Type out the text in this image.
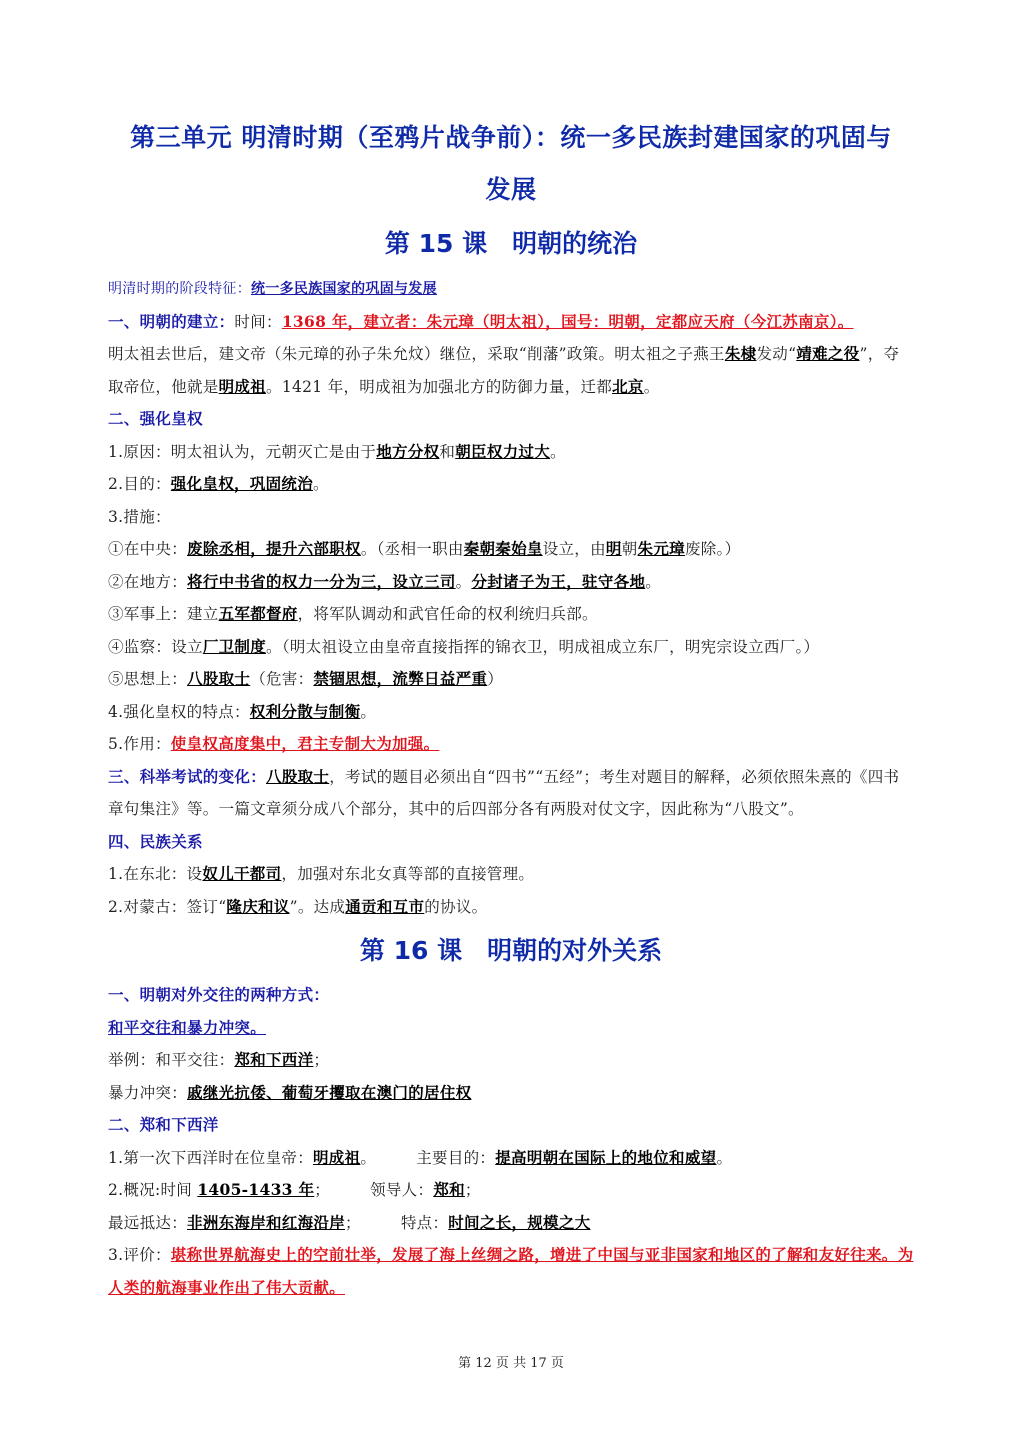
第三单元 明清时期（至鸦片战争前）：统一多民族封建国家的巩固与
发展
第 15 课　明朝的统治

明清时期的阶段特征：统一多民族国家的巩固与发展

一、明朝的建立：时间：1368 年，建立者：朱元璋（明太祖），国号：明朝，定都应天府（今江苏南京）。

明太祖去世后，建文帝（朱元璋的孙子朱允炆）继位，采取“削藩”政策。明太祖之子燕王朱棣发动“靖难之役”，夺取帝位，他就是明成祖。1421 年，明成祖为加强北方的防御力量，迁都北京。

二、强化皇权

1.原因：明太祖认为，元朝灭亡是由于地方分权和朝臣权力过大。

2.目的：强化皇权，巩固统治。

3.措施：

①在中央：废除丞相，提升六部职权。（丞相一职由秦朝秦始皇设立，由明朝朱元璋废除。）

②在地方：将行中书省的权力一分为三，设立三司。分封诸子为王，驻守各地。

③军事上：建立五军都督府，将军队调动和武官任命的权利统归兵部。

④监察：设立厂卫制度。（明太祖设立由皇帝直接指挥的锦衣卫，明成祖成立东厂，明宪宗设立西厂。）

⑤思想上：八股取士（危害：禁锢思想，流弊日益严重）

4.强化皇权的特点：权利分散与制衡。

5.作用：使皇权高度集中，君主专制大为加强。

三、科举考试的变化：八股取士，考试的题目必须出自“四书”“五经”；考生对题目的解释，必须依照朱熹的《四书章句集注》等。一篇文章须分成八个部分，其中的后四部分各有两股对仗文字，因此称为“八股文”。

四、民族关系

1.在东北：设奴儿干都司，加强对东北女真等部的直接管理。

2.对蒙古：签订“隆庆和议”。达成通贡和互市的协议。

第 16 课　明朝的对外关系

一、明朝对外交往的两种方式：

和平交往和暴力冲突。

举例：和平交往：郑和下西洋；

暴力冲突：戚继光抗倭、葡萄牙攫取在澳门的居住权

二、郑和下西洋

1.第一次下西洋时在位皇帝：明成祖。	主要目的：提高明朝在国际上的地位和威望。

2.概况:时间 1405-1433 年；	领导人：郑和；

最远抵达：非洲东海岸和红海沿岸；	特点：时间之长，规模之大

3.评价：堪称世界航海史上的空前壮举，发展了海上丝绸之路，增进了中国与亚非国家和地区的了解和友好往来。为人类的航海事业作出了伟大贡献。

第 12 页 共 17 页
